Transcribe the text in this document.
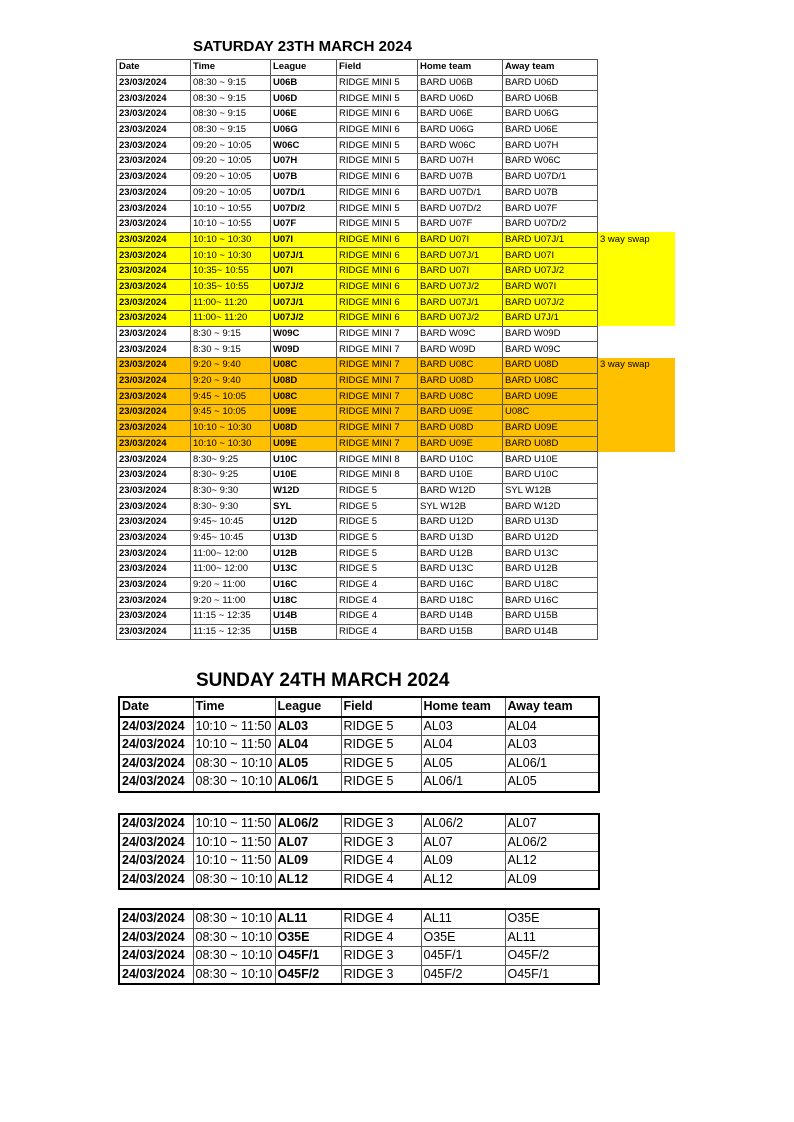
SATURDAY 23TH MARCH 2024
Date	Time	League	Field	Home team	Away team	
23/03/2024	08:30 ~ 9:15	U06B	RIDGE MINI 5	BARD U06B	BARD U06D	
23/03/2024	08:30 ~ 9:15	U06D	RIDGE MINI 5	BARD U06D	BARD U06B	
23/03/2024	08:30 ~ 9:15	U06E	RIDGE MINI 6	BARD U06E	BARD U06G	
23/03/2024	08:30 ~ 9:15	U06G	RIDGE MINI 6	BARD U06G	BARD U06E	
23/03/2024	09:20 ~ 10:05	W06C	RIDGE MINI 5	BARD W06C	BARD U07H	
23/03/2024	09:20 ~ 10:05	U07H	RIDGE MINI 5	BARD U07H	BARD W06C	
23/03/2024	09:20 ~ 10:05	U07B	RIDGE MINI 6	BARD U07B	BARD U07D/1	
23/03/2024	09:20 ~ 10:05	U07D/1	RIDGE MINI 6	BARD U07D/1	BARD U07B	
23/03/2024	10:10 ~ 10:55	U07D/2	RIDGE MINI 5	BARD U07D/2	BARD U07F	
23/03/2024	10:10 ~ 10:55	U07F	RIDGE MINI 5	BARD U07F	BARD U07D/2	
23/03/2024	10:10 ~ 10:30	U07I	RIDGE MINI 6	BARD U07I	BARD U07J/1	3 way swap
23/03/2024	10:10 ~ 10:30	U07J/1	RIDGE MINI 6	BARD U07J/1	BARD U07I	
23/03/2024	10:35~ 10:55	U07I	RIDGE MINI 6	BARD U07I	BARD U07J/2	
23/03/2024	10:35~ 10:55	U07J/2	RIDGE MINI 6	BARD U07J/2	BARD W07I	
23/03/2024	11:00~ 11:20	U07J/1	RIDGE MINI 6	BARD U07J/1	BARD U07J/2	
23/03/2024	11:00~ 11:20	U07J/2	RIDGE MINI 6	BARD U07J/2	BARD U7J/1	
23/03/2024	8:30 ~ 9:15	W09C	RIDGE MINI 7	BARD W09C	BARD W09D	
23/03/2024	8:30 ~ 9:15	W09D	RIDGE MINI 7	BARD W09D	BARD W09C	
23/03/2024	9:20 ~ 9:40	U08C	RIDGE MINI 7	BARD U08C	BARD U08D	3 way swap
23/03/2024	9:20 ~ 9:40	U08D	RIDGE MINI 7	BARD U08D	BARD U08C	
23/03/2024	9:45 ~ 10:05	U08C	RIDGE MINI 7	BARD U08C	BARD U09E	
23/03/2024	9:45 ~ 10:05	U09E	RIDGE MINI 7	BARD U09E	U08C	
23/03/2024	10:10 ~ 10:30	U08D	RIDGE MINI 7	BARD U08D	BARD U09E	
23/03/2024	10:10 ~ 10:30	U09E	RIDGE MINI 7	BARD U09E	BARD U08D	
23/03/2024	8:30~ 9:25	U10C	RIDGE MINI 8	BARD U10C	BARD U10E	
23/03/2024	8:30~ 9:25	U10E	RIDGE MINI 8	BARD U10E	BARD U10C	
23/03/2024	8:30~ 9:30	W12D	RIDGE 5	BARD W12D	SYL W12B	
23/03/2024	8:30~ 9:30	SYL	RIDGE 5	SYL W12B	BARD W12D	
23/03/2024	9:45~ 10:45	U12D	RIDGE 5	BARD U12D	BARD U13D	
23/03/2024	9:45~ 10:45	U13D	RIDGE 5	BARD U13D	BARD U12D	
23/03/2024	11:00~ 12:00	U12B	RIDGE 5	BARD U12B	BARD U13C	
23/03/2024	11:00~ 12:00	U13C	RIDGE 5	BARD U13C	BARD U12B	
23/03/2024	9:20 ~ 11:00	U16C	RIDGE 4	BARD U16C	BARD U18C	
23/03/2024	9:20 ~ 11:00	U18C	RIDGE 4	BARD U18C	BARD U16C	
23/03/2024	11:15 ~ 12:35	U14B	RIDGE 4	BARD U14B	BARD U15B	
23/03/2024	11:15 ~ 12:35	U15B	RIDGE 4	BARD U15B	BARD U14B	
SUNDAY 24TH MARCH 2024
Date	Time	League	Field	Home team	Away team
24/03/2024	10:10 ~ 11:50	AL03	RIDGE 5	AL03	AL04
24/03/2024	10:10 ~ 11:50	AL04	RIDGE 5	AL04	AL03
24/03/2024	08:30 ~ 10:10	AL05	RIDGE 5	AL05	AL06/1
24/03/2024	08:30 ~ 10:10	AL06/1	RIDGE 5	AL06/1	AL05
24/03/2024	10:10 ~ 11:50	AL06/2	RIDGE 3	AL06/2	AL07
24/03/2024	10:10 ~ 11:50	AL07	RIDGE 3	AL07	AL06/2
24/03/2024	10:10 ~ 11:50	AL09	RIDGE 4	AL09	AL12
24/03/2024	08:30 ~ 10:10	AL12	RIDGE 4	AL12	AL09
24/03/2024	08:30 ~ 10:10	AL11	RIDGE 4	AL11	O35E
24/03/2024	08:30 ~ 10:10	O35E	RIDGE 4	O35E	AL11
24/03/2024	08:30 ~ 10:10	O45F/1	RIDGE 3	045F/1	O45F/2
24/03/2024	08:30 ~ 10:10	O45F/2	RIDGE 3	045F/2	O45F/1
